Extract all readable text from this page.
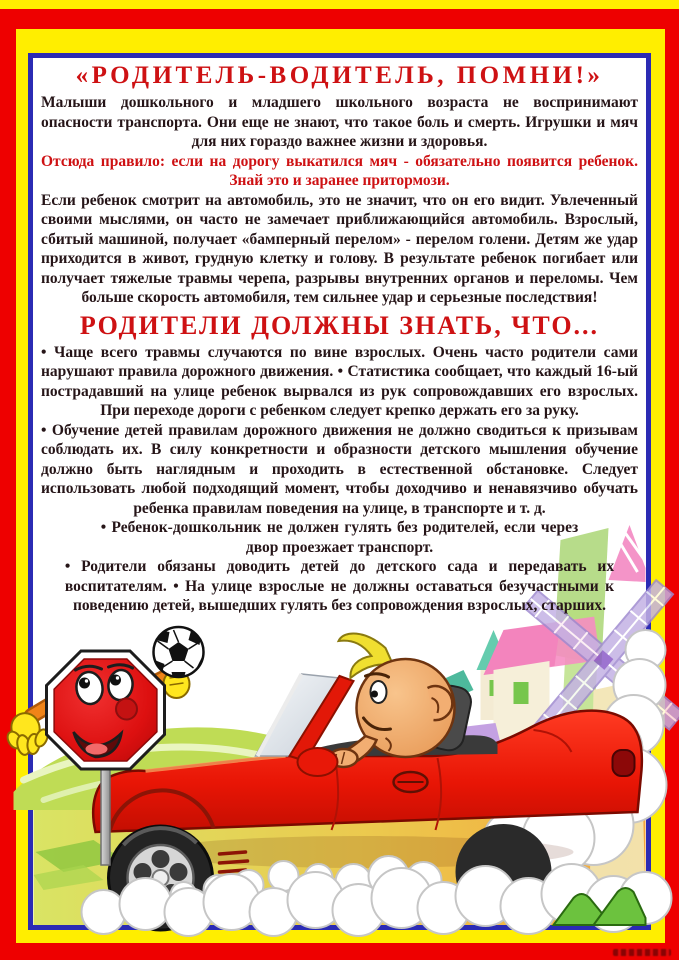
«РОДИТЕЛЬ-ВОДИТЕЛЬ, ПОМНИ!»

Малыши дошкольного и младшего школьного возраста не воспринимают опасности транспорта. Они еще не знают, что такое боль и смерть. Игрушки и мяч для них гораздо важнее жизни и здоровья.

Отсюда правило: если на дорогу выкатился мяч - обязательно появится ребенок. Знай это и заранее притормози.

Если ребенок смотрит на автомобиль, это не значит, что он его видит. Увлеченный своими мыслями, он часто не замечает приближающийся автомобиль. Взрослый, сбитый машиной, получает «бамперный перелом» - перелом голени. Детям же удар приходится в живот, грудную клетку и голову. В результате ребенок погибает или получает тяжелые травмы черепа, разрывы внутренних органов и переломы. Чем больше скорость автомобиля, тем сильнее удар и серьезные последствия!

РОДИТЕЛИ ДОЛЖНЫ ЗНАТЬ, ЧТО...

• Чаще всего травмы случаются по вине взрослых. Очень часто родители сами нарушают правила дорожного движения. • Статистика сообщает, что каждый 16-ый пострадавший на улице ребенок вырвался из рук сопровождавших его взрослых. При переходе дороги с ребенком следует крепко держать его за руку.

• Обучение детей правилам дорожного движения не должно сводиться к призывам соблюдать их. В силу конкретности и образности детского мышления обучение должно быть наглядным и проходить в естественной обстановке. Следует использовать любой подходящий момент, чтобы доходчиво и ненавязчиво обучать ребенка правилам поведения на улице, в транспорте и т. д.

• Ребенок-дошкольник не должен гулять без родителей, если через двор проезжает транспорт.

• Родители обязаны доводить детей до детского сада и передавать их воспитателям. • На улице взрослые не должны оставаться безучастными к поведению детей, вышедших гулять без сопровождения взрослых, старших.
